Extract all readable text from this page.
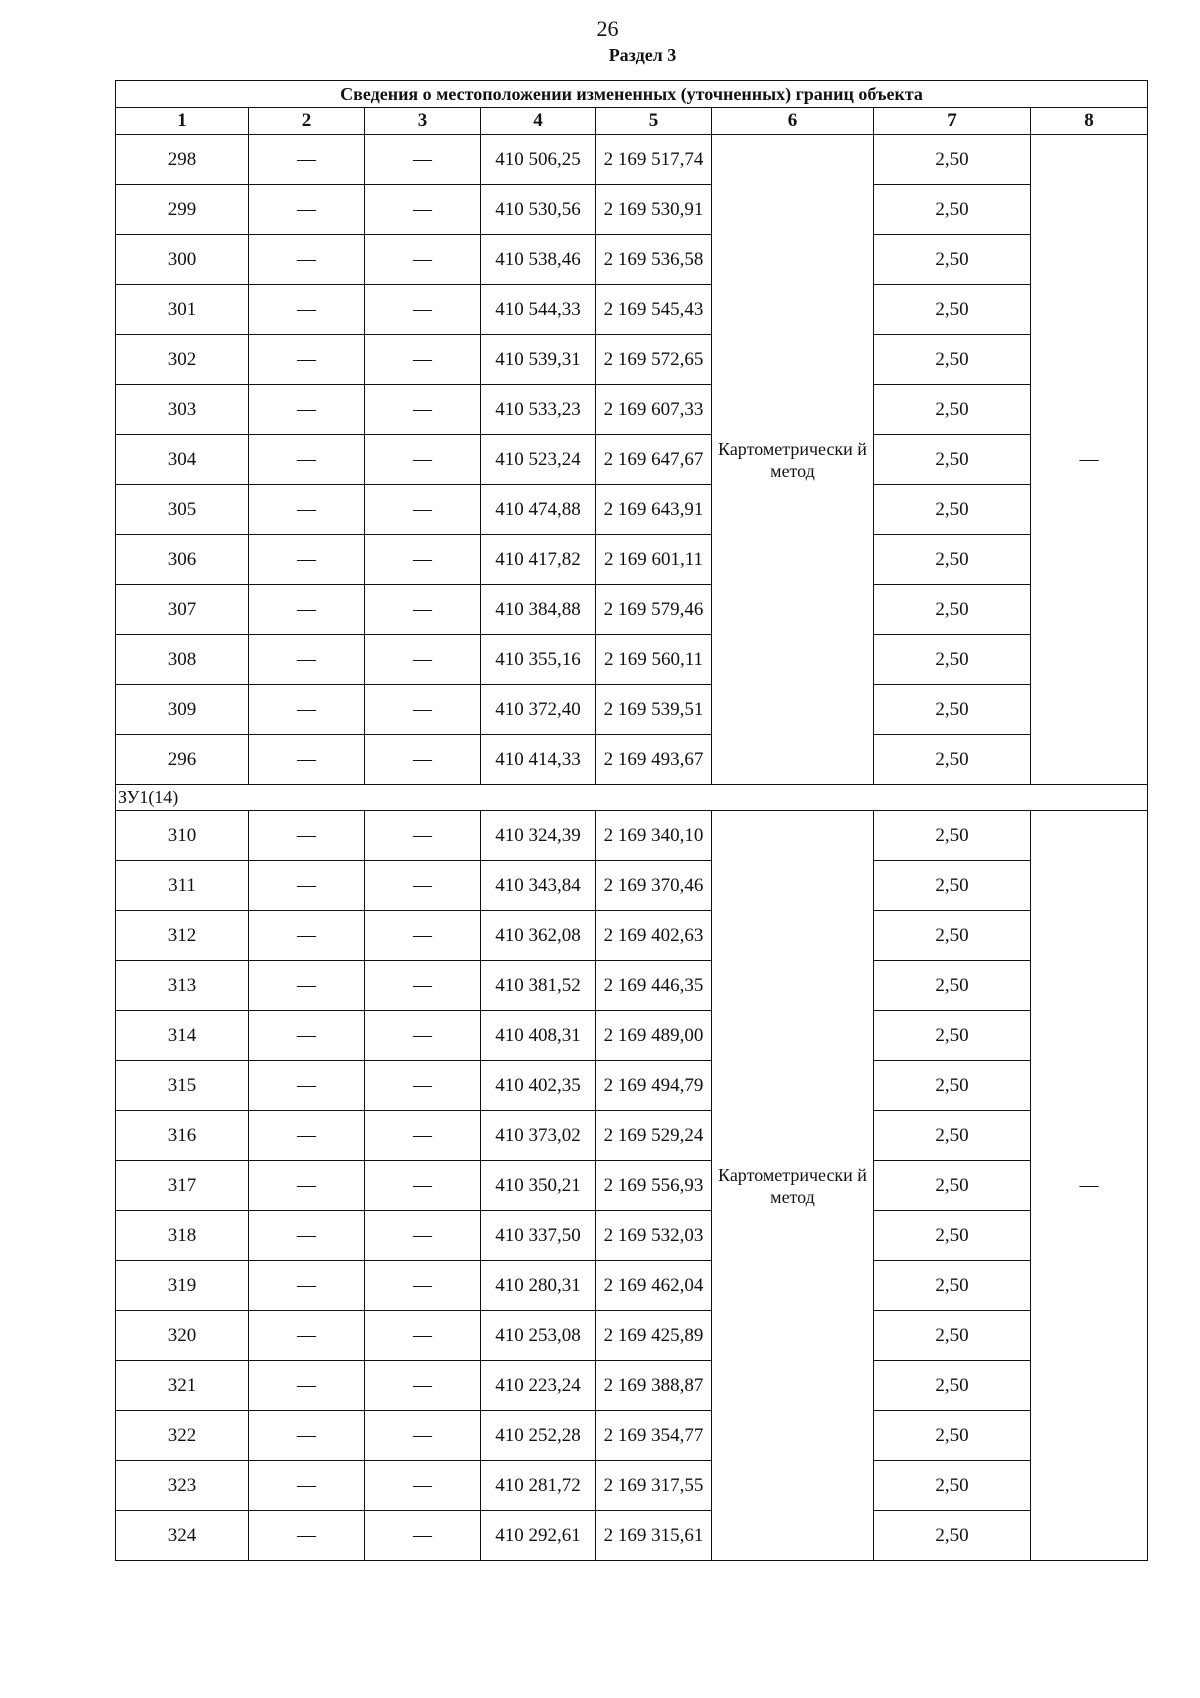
26
Раздел 3
Сведения о местоположении измененных (уточненных) границ объекта							
1	2	3	4	5	6	7	8
298	—	—	410 506,25	2 169 517,74	Картометрически й метод	2,50	—
299	—	—	410 530,56	2 169 530,91		2,50	
300	—	—	410 538,46	2 169 536,58		2,50	
301	—	—	410 544,33	2 169 545,43		2,50	
302	—	—	410 539,31	2 169 572,65		2,50	
303	—	—	410 533,23	2 169 607,33		2,50	
304	—	—	410 523,24	2 169 647,67		2,50	
305	—	—	410 474,88	2 169 643,91		2,50	
306	—	—	410 417,82	2 169 601,11		2,50	
307	—	—	410 384,88	2 169 579,46		2,50	
308	—	—	410 355,16	2 169 560,11		2,50	
309	—	—	410 372,40	2 169 539,51		2,50	
296	—	—	410 414,33	2 169 493,67		2,50	
ЗУ1(14)							
310	—	—	410 324,39	2 169 340,10	Картометрически й метод	2,50	—
311	—	—	410 343,84	2 169 370,46		2,50	
312	—	—	410 362,08	2 169 402,63		2,50	
313	—	—	410 381,52	2 169 446,35		2,50	
314	—	—	410 408,31	2 169 489,00		2,50	
315	—	—	410 402,35	2 169 494,79		2,50	
316	—	—	410 373,02	2 169 529,24		2,50	
317	—	—	410 350,21	2 169 556,93		2,50	
318	—	—	410 337,50	2 169 532,03		2,50	
319	—	—	410 280,31	2 169 462,04		2,50	
320	—	—	410 253,08	2 169 425,89		2,50	
321	—	—	410 223,24	2 169 388,87		2,50	
322	—	—	410 252,28	2 169 354,77		2,50	
323	—	—	410 281,72	2 169 317,55		2,50	
324	—	—	410 292,61	2 169 315,61		2,50	
